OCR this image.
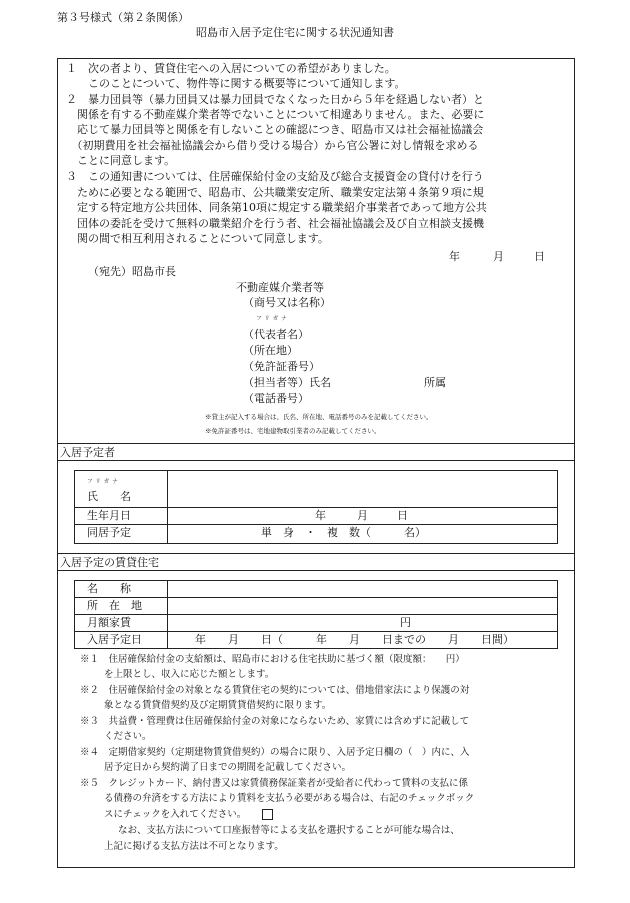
第３号様式（第２条関係）
昭島市入居予定住宅に関する状況通知書
１　次の者より、賃貸住宅への入居についての希望がありました。
　　このことについて、物件等に関する概要等について通知します。
２　暴力団員等（暴力団員又は暴力団員でなくなった日から５年を経過しない者）と
　関係を有する不動産媒介業者等でないことについて相違ありません。また、必要に
　応じて暴力団員等と関係を有しないことの確認につき、昭島市又は社会福祉協議会
　（初期費用を社会福祉協議会から借り受ける場合）から官公署に対し情報を求める
　ことに同意します。
３　この通知書については、住居確保給付金の支給及び総合支援資金の貸付けを行う
　ために必要となる範囲で、昭島市、公共職業安定所、職業安定法第４条第９項に規
　定する特定地方公共団体、同条第10項に規定する職業紹介事業者であって地方公共
　団体の委託を受けて無料の職業紹介を行う者、社会福祉協議会及び自立相談支援機
　関の間で相互利用されることについて同意します。
年	月	日
（宛先）昭島市長
不動産媒介業者等
（商号又は名称）
フリガナ
（代表者名）
（所在地）
（免許証番号）
（担当者等）氏名	所属
（電話番号）
※貸主が記入する場合は、氏名、所在地、電話番号のみを記載してください。
※免許証番号は、宅地建物取引業者のみ記載してください。
入居予定者
フリガナ
氏　　名
生年月日	年	月	日
同居予定	単　身　・　複　数（　　　名）
入居予定の賃貸住宅
名　　称
所　在　地
月額家賃	円
入居予定日	年　　月　　日（　　　年　　月　　日までの　　月　　日間）
※１　住居確保給付金の支給額は、昭島市における住宅扶助に基づく額（限度額：　　円）
を上限とし、収入に応じた額とします。
※２　住居確保給付金の対象となる賃貸住宅の契約については、借地借家法により保護の対
象となる賃貸借契約及び定期賃貸借契約に限ります。
※３　共益費・管理費は住居確保給付金の対象にならないため、家賃には含めずに記載して
ください。
※４　定期借家契約（定期建物賃貸借契約）の場合に限り、入居予定日欄の（　）内に、入
居予定日から契約満了日までの期間を記載してください。
※５　クレジットカード、納付書又は家賃債務保証業者が受給者に代わって賃料の支払に係
る債務の弁済をする方法により賃料を支払う必要がある場合は、右記のチェックボック
スにチェックを入れてください。
なお、支払方法について口座振替等による支払を選択することが可能な場合は、
上記に掲げる支払方法は不可となります。
